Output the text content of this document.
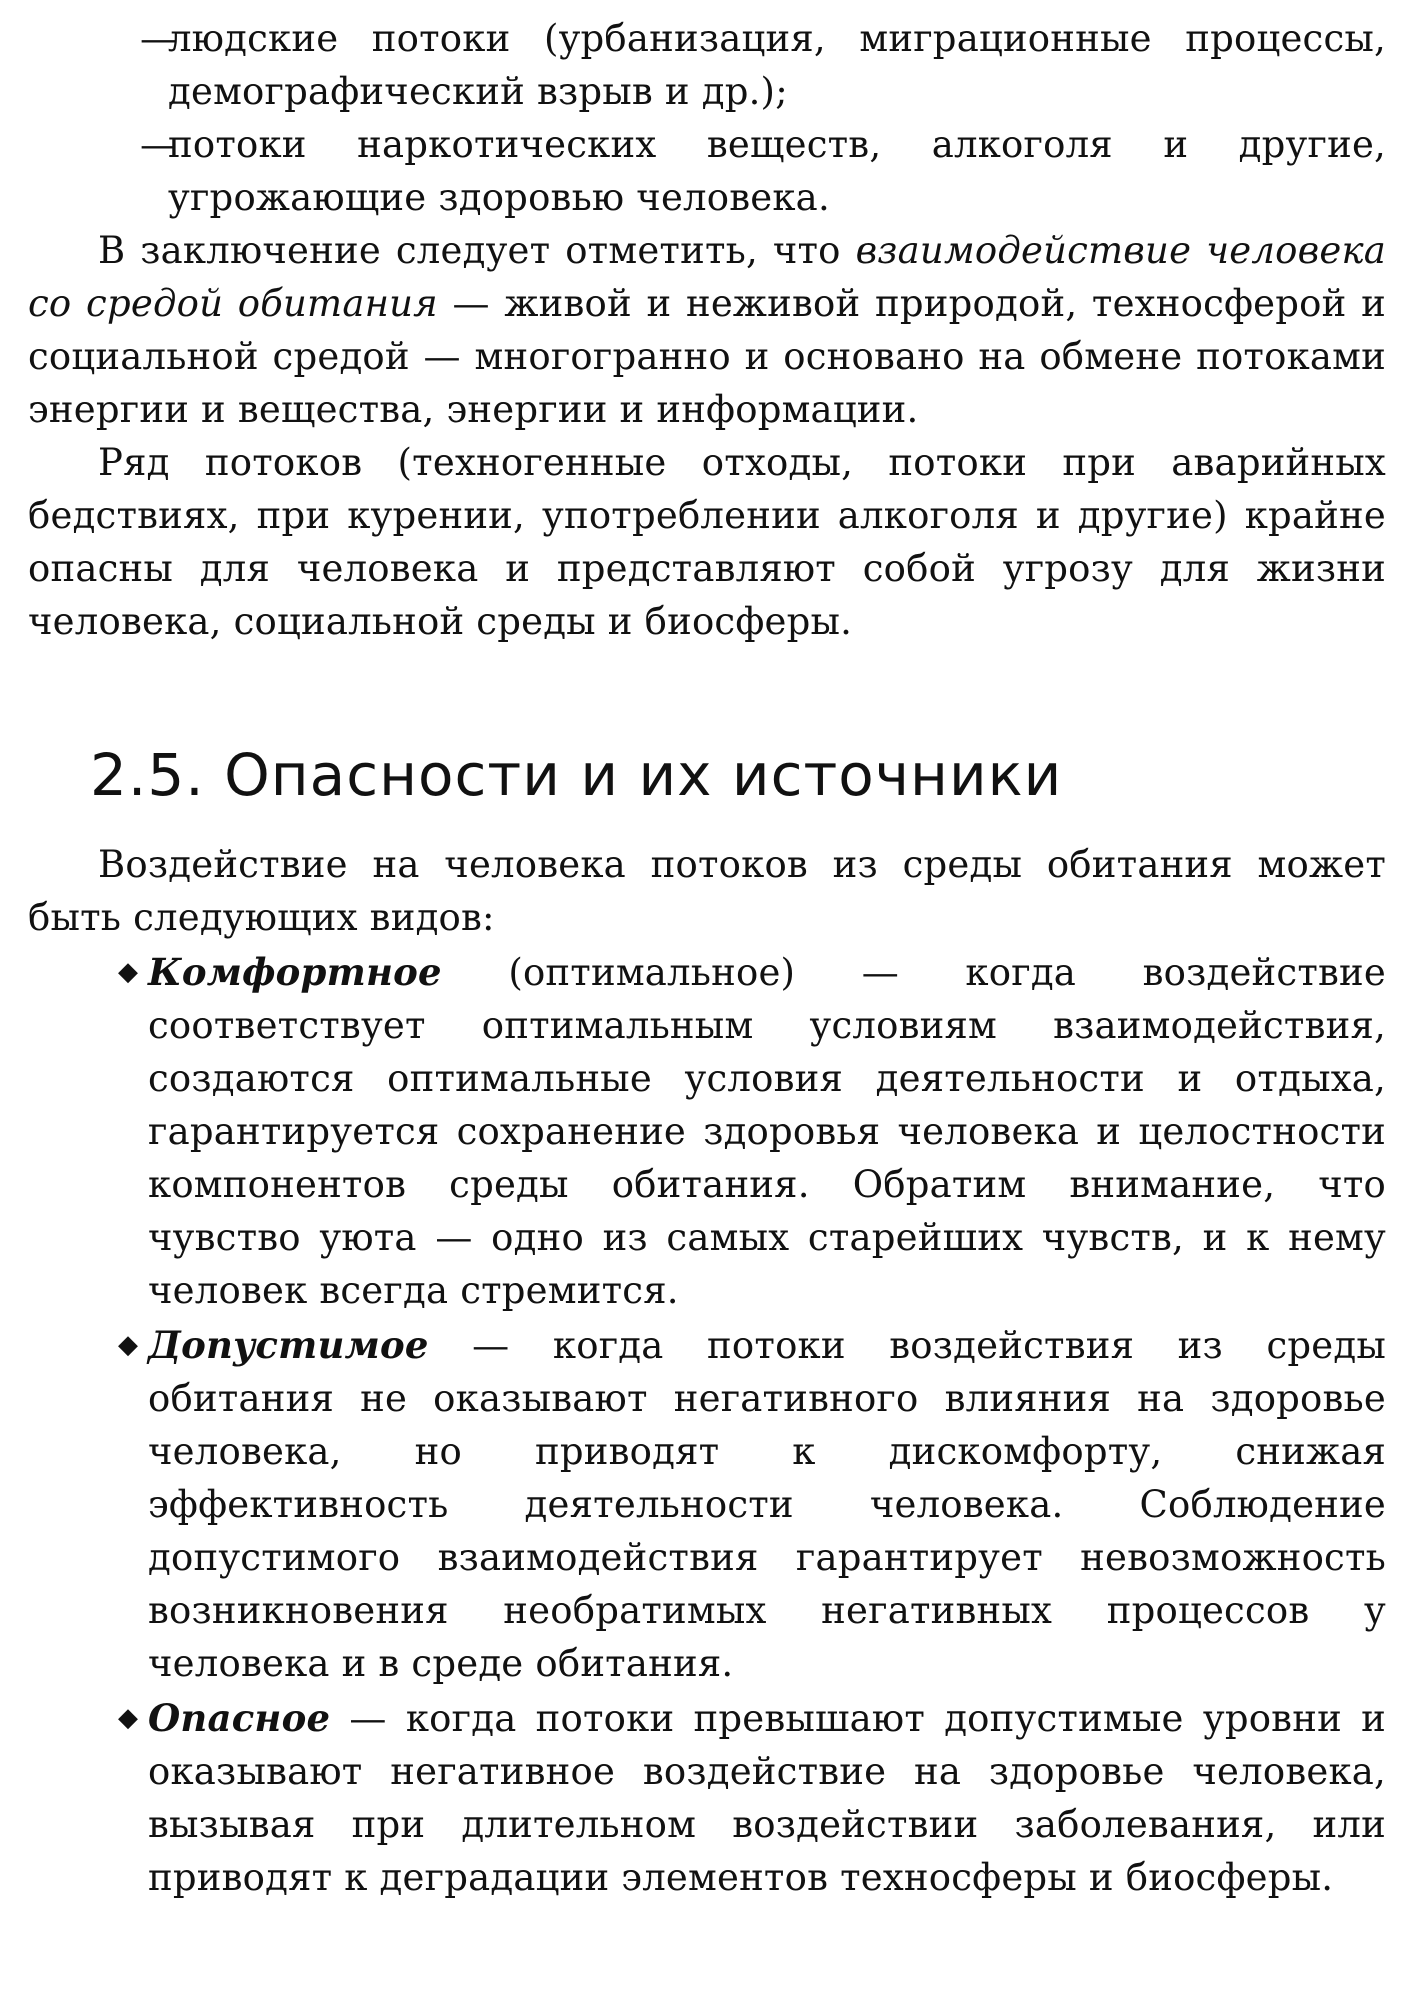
—людские потоки (урбанизация, миграционные процессы, демографический взрыв и др.);
—потоки наркотических веществ, алкоголя и другие, угрожающие здоровью человека.

В заключение следует отметить, что взаимодействие человека со средой обитания — живой и неживой природой, техносферой и социальной средой — многогранно и основано на обмене потоками энергии и вещества, энергии и информации.

Ряд потоков (техногенные отходы, потоки при аварийных бедствиях, при курении, употреблении алкоголя и другие) крайне опасны для человека и представляют собой угрозу для жизни человека, социальной среды и биосферы.

2.5. Опасности и их источники

Воздействие на человека потоков из среды обитания может быть следующих видов:

◆ Комфортное (оптимальное) — когда воздействие соответствует оптимальным условиям взаимодействия, создаются оптимальные условия деятельности и отдыха, гарантируется сохранение здоровья человека и целостности компонентов среды обитания. Обратим внимание, что чувство уюта — одно из самых старейших чувств, и к нему человек всегда стремится.
◆ Допустимое — когда потоки воздействия из среды обитания не оказывают негативного влияния на здоровье человека, но приводят к дискомфорту, снижая эффективность деятельности человека. Соблюдение допустимого взаимодействия гарантирует невозможность возникновения необратимых негативных процессов у человека и в среде обитания.
◆ Опасное — когда потоки превышают допустимые уровни и оказывают негативное воздействие на здоровье человека, вызывая при длительном воздействии заболевания, или приводят к деградации элементов техносферы и биосферы.
